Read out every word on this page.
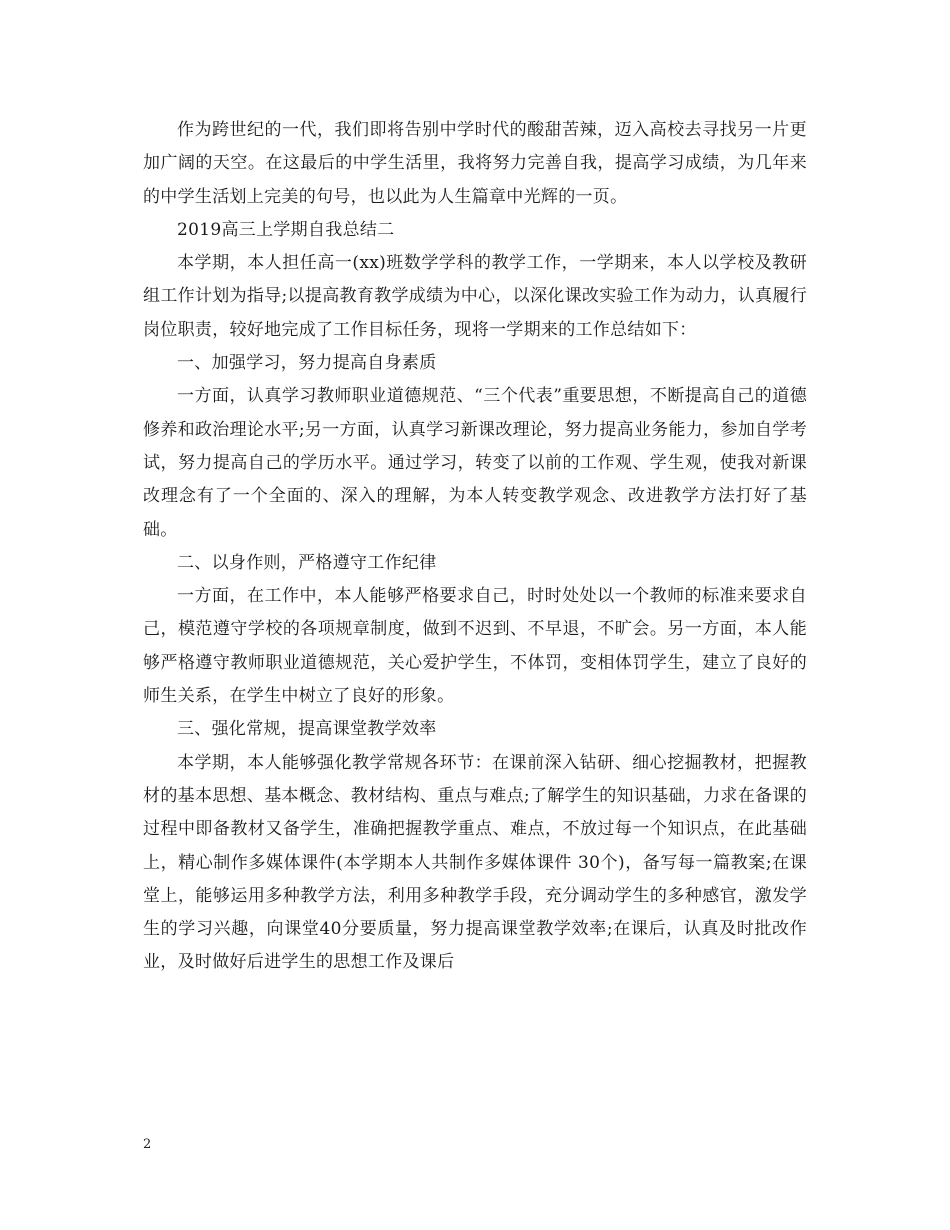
作为跨世纪的一代，我们即将告别中学时代的酸甜苦辣，迈入高校去寻找另一片更加广阔的天空。在这最后的中学生活里，我将努力完善自我，提高学习成绩，为几年来的中学生活划上完美的句号，也以此为人生篇章中光辉的一页。

2019高三上学期自我总结二

本学期，本人担任高一(xx)班数学学科的教学工作，一学期来，本人以学校及教研组工作计划为指导;以提高教育教学成绩为中心，以深化课改实验工作为动力，认真履行岗位职责，较好地完成了工作目标任务，现将一学期来的工作总结如下：

一、加强学习，努力提高自身素质

一方面，认真学习教师职业道德规范、“三个代表”重要思想，不断提高自己的道德修养和政治理论水平;另一方面，认真学习新课改理论，努力提高业务能力，参加自学考试，努力提高自己的学历水平。通过学习，转变了以前的工作观、学生观，使我对新课改理念有了一个全面的、深入的理解，为本人转变教学观念、改进教学方法打好了基础。

二、以身作则，严格遵守工作纪律

一方面，在工作中，本人能够严格要求自己，时时处处以一个教师的标准来要求自己，模范遵守学校的各项规章制度，做到不迟到、不早退，不旷会。另一方面，本人能够严格遵守教师职业道德规范，关心爱护学生，不体罚，变相体罚学生，建立了良好的师生关系，在学生中树立了良好的形象。

三、强化常规，提高课堂教学效率

本学期，本人能够强化教学常规各环节：在课前深入钻研、细心挖掘教材，把握教材的基本思想、基本概念、教材结构、重点与难点;了解学生的知识基础，力求在备课的过程中即备教材又备学生，准确把握教学重点、难点，不放过每一个知识点，在此基础上，精心制作多媒体课件(本学期本人共制作多媒体课件 30个)，备写每一篇教案;在课堂上，能够运用多种教学方法，利用多种教学手段，充分调动学生的多种感官，激发学生的学习兴趣，向课堂40分要质量，努力提高课堂教学效率;在课后，认真及时批改作业，及时做好后进学生的思想工作及课后

2
